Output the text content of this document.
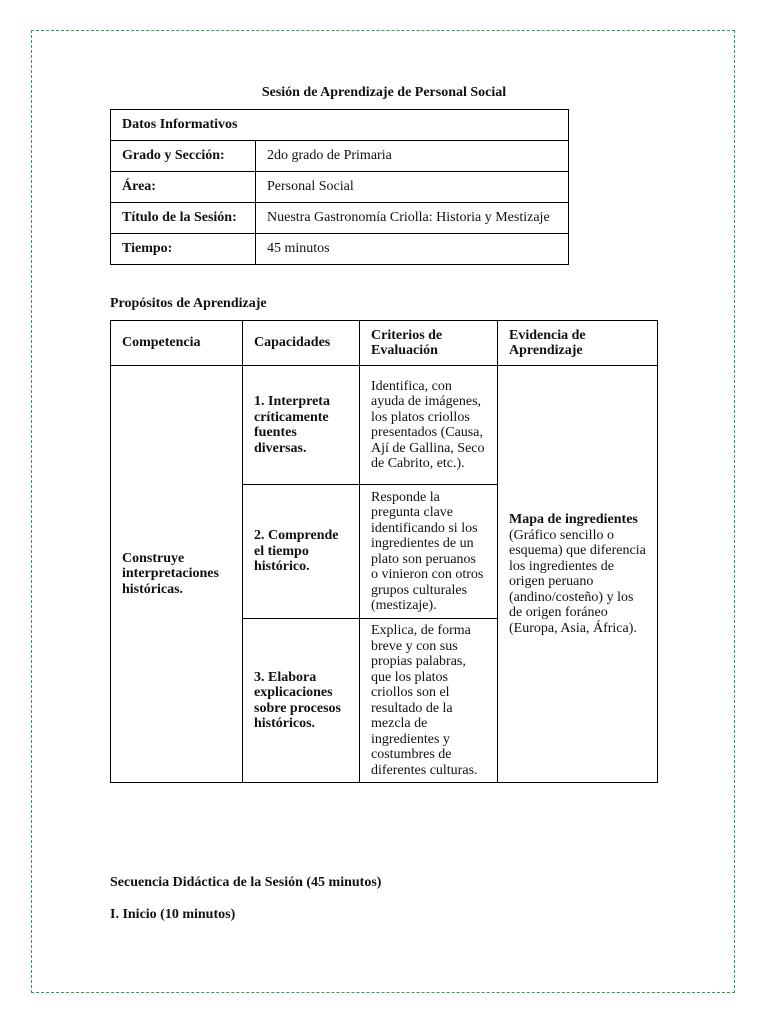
Sesión de Aprendizaje de Personal Social
Datos Informativos	
Grado y Sección:	2do grado de Primaria
Área:	Personal Social
Título de la Sesión:	Nuestra Gastronomía Criolla: Historia y Mestizaje
Tiempo:	45 minutos
Propósitos de Aprendizaje
Competencia	Capacidades	Criterios de Evaluación	Evidencia de Aprendizaje
Construye interpretaciones históricas.	1. Interpreta críticamente fuentes diversas.	Identifica, con ayuda de imágenes, los platos criollos presentados (Causa, Ají de Gallina, Seco de Cabrito, etc.).	Mapa de ingredientes (Gráfico sencillo o esquema) que diferencia los ingredientes de origen peruano (andino/costeño) y los de origen foráneo (Europa, Asia, África).
	2. Comprende el tiempo histórico.	Responde la pregunta clave identificando si los ingredientes de un plato son peruanos o vinieron con otros grupos culturales (mestizaje).	
	3. Elabora explicaciones sobre procesos históricos.	Explica, de forma breve y con sus propias palabras, que los platos criollos son el resultado de la mezcla de ingredientes y costumbres de diferentes culturas.	
Secuencia Didáctica de la Sesión (45 minutos)
I. Inicio (10 minutos)
